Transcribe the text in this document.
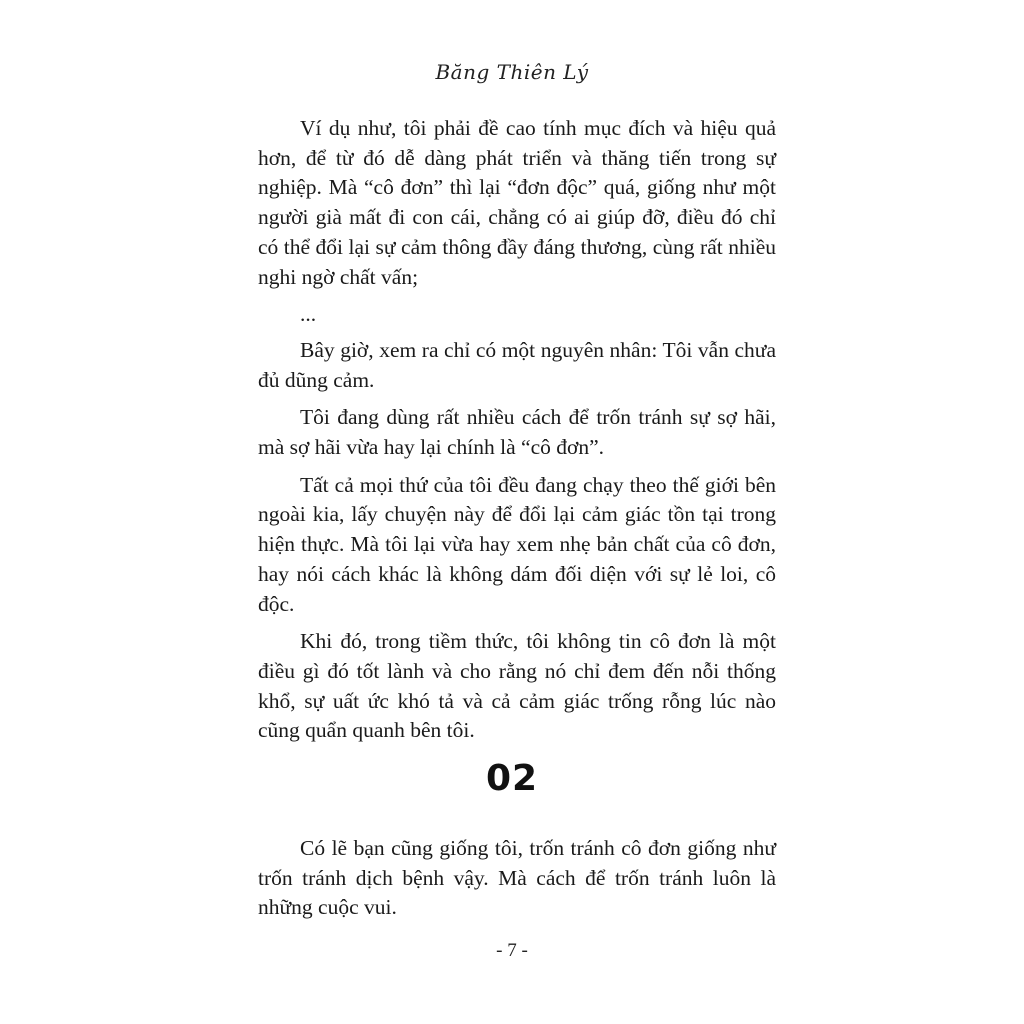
Băng Thiên Lý

Ví dụ như, tôi phải đề cao tính mục đích và hiệu quả hơn, để từ đó dễ dàng phát triển và thăng tiến trong sự nghiệp. Mà “cô đơn” thì lại “đơn độc” quá, giống như một người già mất đi con cái, chẳng có ai giúp đỡ, điều đó chỉ có thể đổi lại sự cảm thông đầy đáng thương, cùng rất nhiều nghi ngờ chất vấn;

...

Bây giờ, xem ra chỉ có một nguyên nhân: Tôi vẫn chưa đủ dũng cảm.

Tôi đang dùng rất nhiều cách để trốn tránh sự sợ hãi, mà sợ hãi vừa hay lại chính là “cô đơn”.

Tất cả mọi thứ của tôi đều đang chạy theo thế giới bên ngoài kia, lấy chuyện này để đổi lại cảm giác tồn tại trong hiện thực. Mà tôi lại vừa hay xem nhẹ bản chất của cô đơn, hay nói cách khác là không dám đối diện với sự lẻ loi, cô độc.

Khi đó, trong tiềm thức, tôi không tin cô đơn là một điều gì đó tốt lành và cho rằng nó chỉ đem đến nỗi thống khổ, sự uất ức khó tả và cả cảm giác trống rỗng lúc nào cũng quẩn quanh bên tôi.

02

Có lẽ bạn cũng giống tôi, trốn tránh cô đơn giống như trốn tránh dịch bệnh vậy. Mà cách để trốn tránh luôn là những cuộc vui.

- 7 -
